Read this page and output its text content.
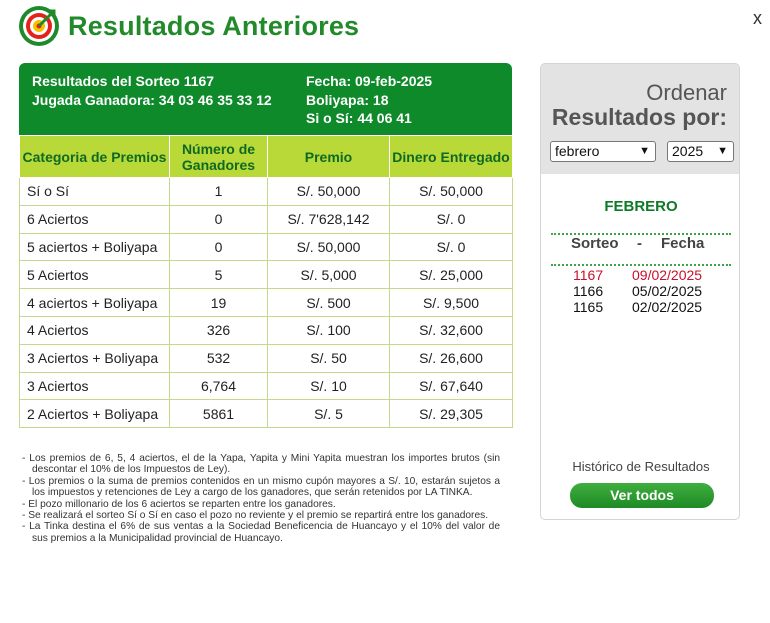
Resultados Anteriores	x
Resultados del Sorteo 1167
Jugada Ganadora: 34 03 46 35 33 12
Fecha: 09-feb-2025
Boliyapa: 18
Si o Sí: 44 06 41
Categoria de Premios	Número de Ganadores	Premio	Dinero Entregado
Sí o Sí	1	S/. 50,000	S/. 50,000
6 Aciertos	0	S/. 7'628,142	S/. 0
5 aciertos + Boliyapa	0	S/. 50,000	S/. 0
5 Aciertos	5	S/. 5,000	S/. 25,000
4 aciertos + Boliyapa	19	S/. 500	S/. 9,500
4 Aciertos	326	S/. 100	S/. 32,600
3 Aciertos + Boliyapa	532	S/. 50	S/. 26,600
3 Aciertos	6,764	S/. 10	S/. 67,640
2 Aciertos + Boliyapa	5861	S/. 5	S/. 29,305
- Los premios de 6, 5, 4 aciertos, el de la Yapa, Yapita y Mini Yapita muestran los importes brutos (sin descontar el 10% de los Impuestos de Ley).
- Los premios o la suma de premios contenidos en un mismo cupón mayores a S/. 10, estarán sujetos a los impuestos y retenciones de Ley a cargo de los ganadores, que serán retenidos por LA TINKA.
- El pozo millonario de los 6 aciertos se reparten entre los ganadores.
- Se realizará el sorteo Sí o Sí en caso el pozo no reviente y el premio se repartirá entre los ganadores.
- La Tinka destina el 6% de sus ventas a la Sociedad Beneficencia de Huancayo y el 10% del valor de sus premios a la Municipalidad provincial de Huancayo.
Ordenar
Resultados por:
febrero	▼	2025 ▼
FEBRERO
Sorteo - Fecha
1167 09/02/2025
1166 05/02/2025
1165 02/02/2025
Histórico de Resultados
Ver todos
